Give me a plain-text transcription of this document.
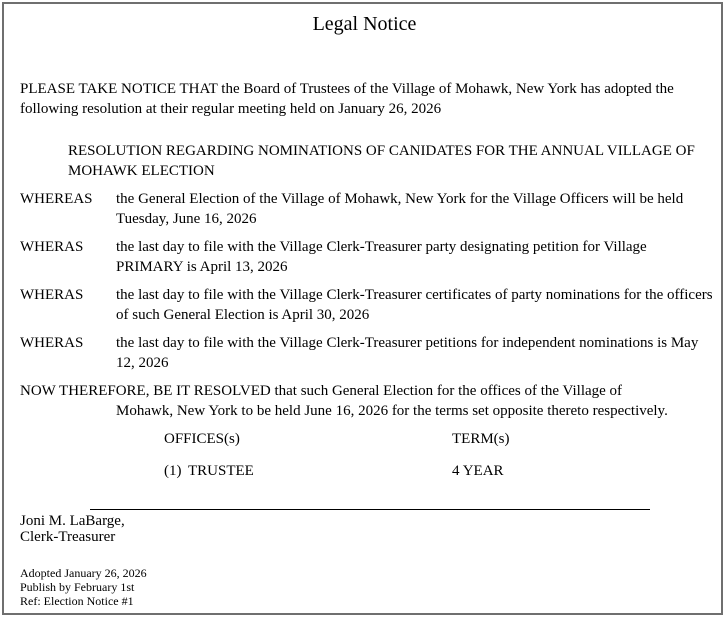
Legal Notice
PLEASE TAKE NOTICE THAT the Board of Trustees of the Village of Mohawk, New York has adopted the following resolution at their regular meeting held on January 26, 2026
RESOLUTION REGARDING NOMINATIONS OF CANIDATES FOR THE ANNUAL VILLAGE OF MOHAWK ELECTION
WHEREAS the General Election of the Village of Mohawk, New York for the Village Officers will be held Tuesday, June 16, 2026
WHERAS the last day to file with the Village Clerk-Treasurer party designating petition for Village PRIMARY is April 13, 2026
WHERAS the last day to file with the Village Clerk-Treasurer certificates of party nominations for the officers of such General Election is April 30, 2026
WHERAS the last day to file with the Village Clerk-Treasurer petitions for independent nominations is May 12, 2026
NOW THEREFORE, BE IT RESOLVED that such General Election for the offices of the Village of
Mohawk, New York to be held June 16, 2026 for the terms set opposite thereto respectively.
OFFICES(s)	TERM(s)
(1) TRUSTEE	4 YEAR
Joni M. LaBarge,
Clerk-Treasurer
Adopted January 26, 2026
Publish by February 1st
Ref: Election Notice #1
